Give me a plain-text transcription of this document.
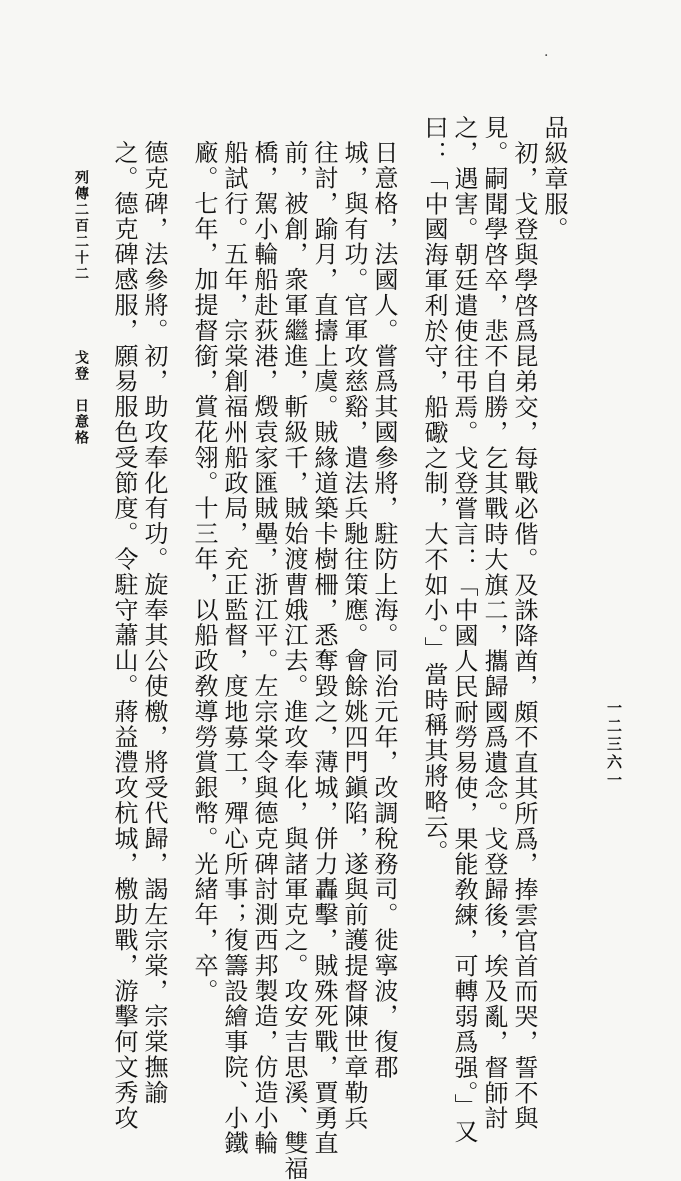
品級章服。
　初，戈登與學啓爲昆弟交，每戰必偕。及誅降酋，頗不直其所爲，捧雲官首而哭，誓不與
見。嗣聞學啓卒，悲不自勝，乞其戰時大旗二，攜歸國爲遺念。戈登歸後，埃及亂，督師討
之，遇害。朝廷遣使往弔焉。戈登嘗言：「中國人民耐勞易使，果能敎練，可轉弱爲强。」又
曰：「中國海軍利於守，船礮之制，大不如小。」當時稱其將略云。
日意格，法國人。嘗爲其國參將，駐防上海。同治元年，改調稅務司。徙寧波，復郡
城，與有功。官軍攻慈谿，遣法兵馳往策應。會餘姚四門鎭陷，遂與前護提督陳世章勒兵
往討，踰月，直擣上虞。賊緣道築卡樹柵，悉奪毀之，薄城，併力轟擊，賊殊死戰，賈勇直
前，被創，衆軍繼進，斬級千，賊始渡曹娥江去。進攻奉化，與諸軍克之。攻安吉思溪、雙福
橋，駕小輪船赴荻港，燬袁家匯賊壘，浙江平。左宗棠令與德克碑討測西邦製造，仿造小輪
船試行。五年，宗棠創福州船政局，充正監督，度地募工，殫心所事；復籌設繪事院、小鐵
廠。七年，加提督銜，賞花翎。十三年，以船政敎導勞賞銀幣。光緒年，卒。
德克碑，法參將。初，助攻奉化有功。旋奉其公使檄，將受代歸，謁左宗棠，宗棠撫諭
之。德克碑感服，願易服色受節度。令駐守蕭山。蔣益澧攻杭城，檄助戰，游擊何文秀攻
列傳二百二十二
戈登　日意格
一二三六一
·
